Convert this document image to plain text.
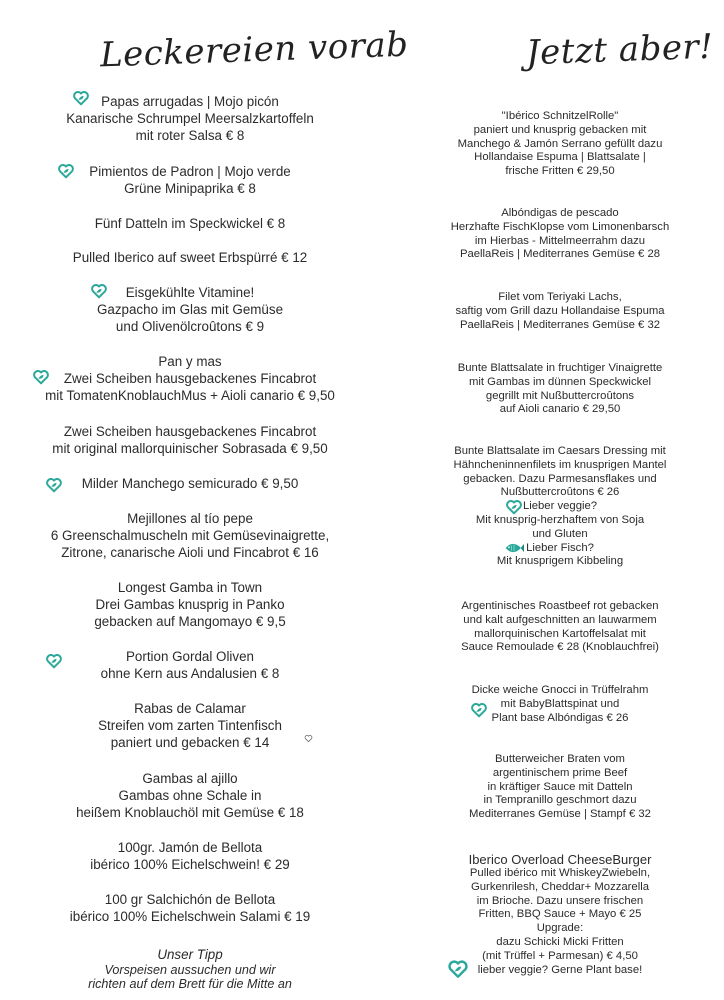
Leckereien vorab	Jetzt aber!
Papas arrugadas | Mojo picón
Kanarische Schrumpel Meersalzkartoffeln
mit roter Salsa € 8
Pimientos de Padron | Mojo verde
Grüne Minipaprika € 8
Fünf Datteln im Speckwickel € 8
Pulled Iberico auf sweet Erbspürré € 12
Eisgekühlte Vitamine!
Gazpacho im Glas mit Gemüse
und Olivenölcroûtons € 9
Pan y mas
Zwei Scheiben hausgebackenes Fincabrot
mit TomatenKnoblauchMus + Aioli canario € 9,50
Zwei Scheiben hausgebackenes Fincabrot
mit original mallorquinischer Sobrasada € 9,50
Milder Manchego semicurado € 9,50
Mejillones al tío pepe
6 Greenschalmuscheln mit Gemüsevinaigrette,
Zitrone, canarische Aioli und Fincabrot € 16
Longest Gamba in Town
Drei Gambas knusprig in Panko
gebacken auf Mangomayo € 9,5
Portion Gordal Oliven
ohne Kern aus Andalusien € 8
Rabas de Calamar
Streifen vom zarten Tintenfisch
paniert und gebacken € 14
Gambas al ajillo
Gambas ohne Schale in
heißem Knoblauchöl mit Gemüse € 18
100gr. Jamón de Bellota
ibérico 100% Eichelschwein! € 29
100 gr Salchichón de Bellota
ibérico 100% Eichelschwein Salami € 19
Unser Tipp
Vorspeisen aussuchen und wir
richten auf dem Brett für die Mitte an
"Ibérico SchnitzelRolle"
paniert und knusprig gebacken mit
Manchego & Jamón Serrano gefüllt dazu
Hollandaise Espuma | Blattsalate |
frische Fritten € 29,50
Albóndigas de pescado
Herzhafte FischKlopse vom Limonenbarsch
im Hierbas - Mittelmeerrahm dazu
PaellaReis | Mediterranes Gemüse € 28
Filet vom Teriyaki Lachs,
saftig vom Grill dazu Hollandaise Espuma
PaellaReis | Mediterranes Gemüse € 32
Bunte Blattsalate in fruchtiger Vinaigrette
mit Gambas im dünnen Speckwickel
gegrillt mit Nußbuttercroûtons
auf Aioli canario € 29,50
Bunte Blattsalate im Caesars Dressing mit
Hähncheninnenfilets im knusprigen Mantel
gebacken. Dazu Parmesansflakes und
Nußbuttercroûtons € 26
Lieber veggie?
Mit knusprig-herzhaftem von Soja
und Gluten
Lieber Fisch?
Mit knusprigem Kibbeling
Argentinisches Roastbeef rot gebacken
und kalt aufgeschnitten an lauwarmem
mallorquinischen Kartoffelsalat mit
Sauce Remoulade € 28 (Knoblauchfrei)
Dicke weiche Gnocci in Trüffelrahm
mit BabyBlattspinat und
Plant base Albóndigas € 26
Butterweicher Braten vom
argentinischem prime Beef
in kräftiger Sauce mit Datteln
in Tempranillo geschmort dazu
Mediterranes Gemüse | Stampf € 32
Iberico Overload CheeseBurger
Pulled ibérico mit WhiskeyZwiebeln,
Gurkenrilesh, Cheddar+ Mozzarella
im Brioche. Dazu unsere frischen
Fritten, BBQ Sauce + Mayo € 25
Upgrade:
dazu Schicki Micki Fritten
(mit Trüffel + Parmesan) € 4,50
lieber veggie? Gerne Plant base!
